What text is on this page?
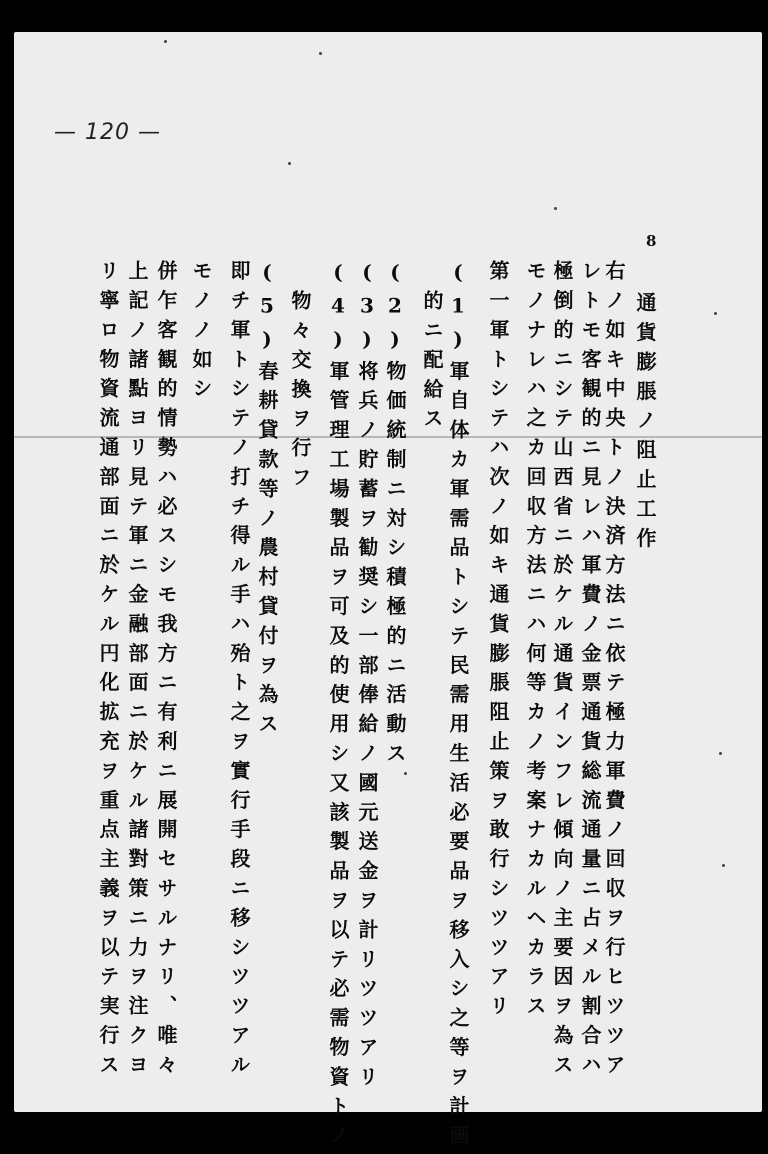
— 120 —
8
右ノ如キ中央トノ決済方法ニ依テ極力軍費ノ回収ヲ行ヒツツア 通貨膨脹ノ阻止工作
レトモ客観的ニ見レハ軍費ノ金票通貨総流通量ニ占メル割合ハ
極倒的ニシテ山西省ニ於ケル通貨インフレ傾向ノ主要因ヲ為ス
モノナレハ之カ回収方法ニハ何等カノ考案ナカルヘカラス
第一軍トシテハ次ノ如キ通貨膨脹阻止策ヲ敢行シツツアリ
(1)軍自体カ軍需品トシテ民需用生活必要品ヲ移入シ之等ヲ計画
的ニ配給ス
(2)物価統制ニ対シ積極的ニ活動ス
(3)将兵ノ貯蓄ヲ勧奨シ一部俸給ノ國元送金ヲ計リツツアリ
(4)軍管理工場製品ヲ可及的使用シ又該製品ヲ以テ必需物資トノ
物々交換ヲ行フ
(5)春耕貸款等ノ農村貸付ヲ為ス
即チ軍トシテノ打チ得ル手ハ殆ト之ヲ實行手段ニ移シツツアル
モノノ如シ
併乍客観的情勢ハ必スシモ我方ニ有利ニ展開セサルナリ、唯々
上記ノ諸點ヨリ見テ軍ニ金融部面ニ於ケル諸對策ニ力ヲ注クヨ
リ寧ロ物資流通部面ニ於ケル円化拡充ヲ重点主義ヲ以テ実行ス
